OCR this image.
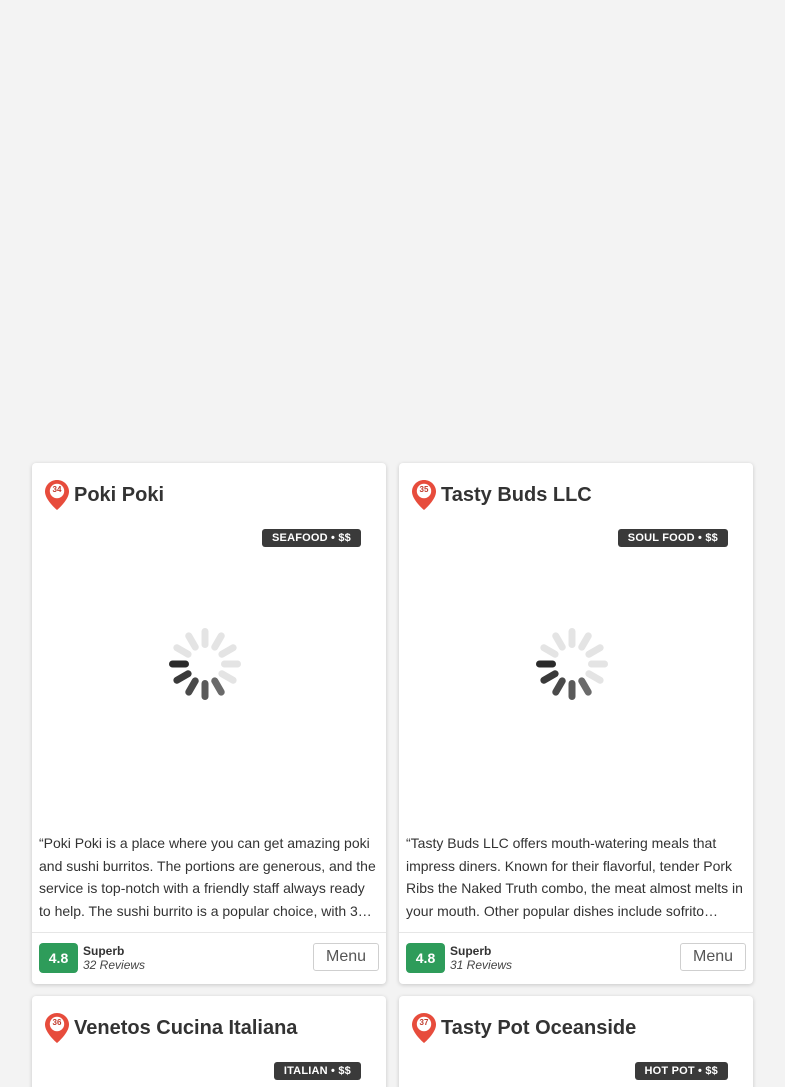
34 Poki Poki
SEAFOOD • $$

“Poki Poki is a place where you can get amazing poki and sushi burritos. The portions are generous, and the service is top-notch with a friendly staff always ready to help. The sushi burrito is a popular choice, with 3…

4.8	Superb
32 Reviews	Menu
35 Tasty Buds LLC
SOUL FOOD • $$

“Tasty Buds LLC offers mouth-watering meals that impress diners. Known for their flavorful, tender Pork Ribs the Naked Truth combo, the meat almost melts in your mouth. Other popular dishes include sofrito…

4.8	Superb
31 Reviews	Menu
36 Venetos Cucina Italiana
ITALIAN • $$
37 Tasty Pot Oceanside
HOT POT • $$
